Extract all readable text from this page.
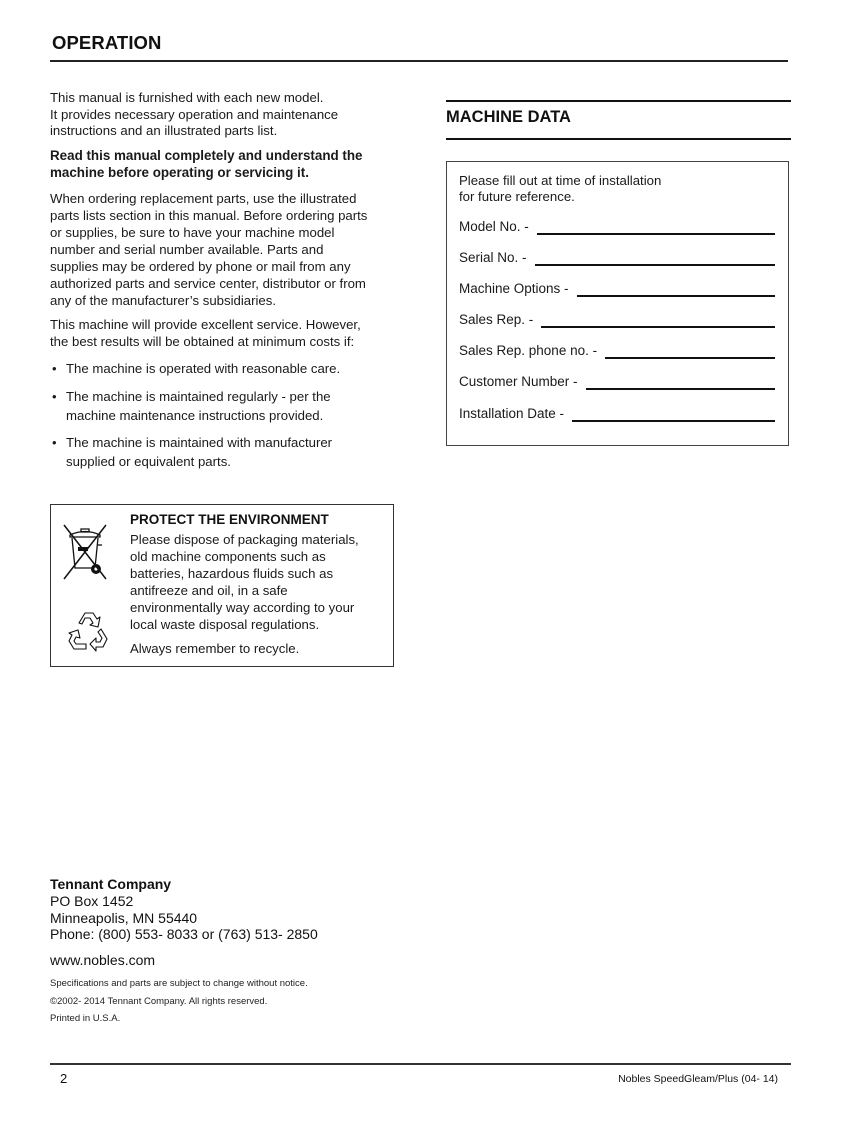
OPERATION

This manual is furnished with each new model.

It provides necessary operation and maintenance

instructions and an illustrated parts list.

Read this manual completely and understand the

machine before operating or servicing it.

When ordering replacement parts, use the illustrated

parts lists section in this manual. Before ordering parts

or supplies, be sure to have your machine model

number and serial number available. Parts and

supplies may be ordered by phone or mail from any

authorized parts and service center, distributor or from

any of the manufacturer’s subsidiaries.

This machine will provide excellent service. However,

the best results will be obtained at minimum costs if:

• The machine is operated with reasonable care.
• The machine is maintained regularly - per the
machine maintenance instructions provided.
• The machine is maintained with manufacturer
supplied or equivalent parts.
PROTECT THE ENVIRONMENT
Please dispose of packaging materials,
old machine components such as
batteries, hazardous fluids such as
antifreeze and oil, in a safe
environmentally way according to your
local waste disposal regulations.
Always remember to recycle.
MACHINE DATA
Please fill out at time of installation
for future reference.
Model No. -
Serial No. -
Machine Options -
Sales Rep. -
Sales Rep. phone no. -
Customer Number -
Installation Date -
Tennant Company
PO Box 1452
Minneapolis, MN 55440
Phone: (800) 553- 8033 or (763) 513- 2850
www.nobles.com
Specifications and parts are subject to change without notice.
©2002- 2014 Tennant Company. All rights reserved.
Printed in U.S.A.
2	Nobles SpeedGleam/Plus (04- 14)
